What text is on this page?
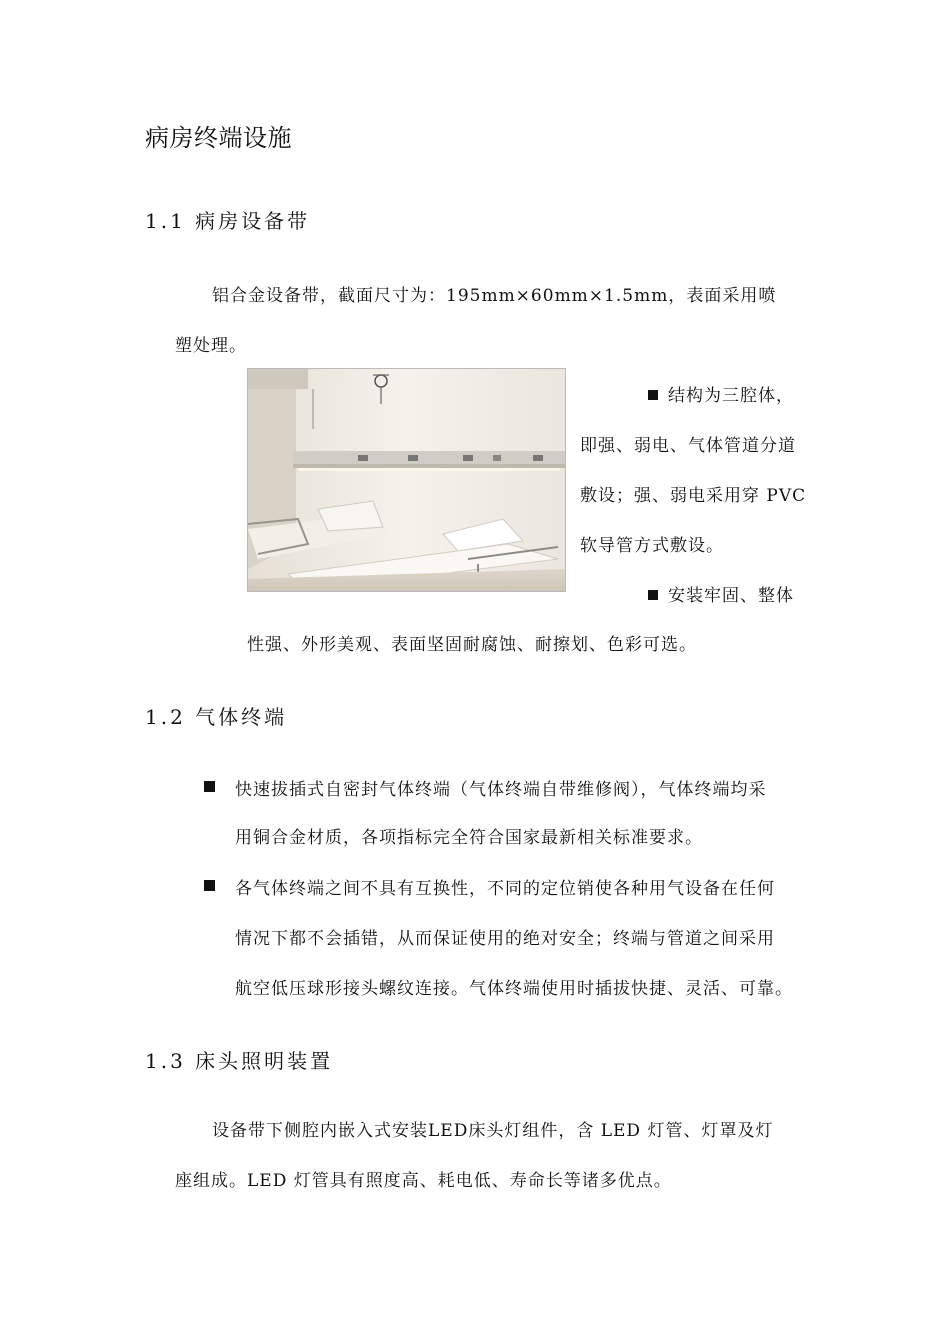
病房终端设施
1.1 病房设备带
铝合金设备带，截面尺寸为：195mm×60mm×1.5mm，表面采用喷
塑处理。
结构为三腔体，
即强、弱电、气体管道分道
敷设；强、弱电采用穿 PVC
软导管方式敷设。
安装牢固、整体
性强、外形美观、表面坚固耐腐蚀、耐擦划、色彩可选。
1.2 气体终端
快速拔插式自密封气体终端（气体终端自带维修阀），气体终端均采
用铜合金材质，各项指标完全符合国家最新相关标准要求。
各气体终端之间不具有互换性，不同的定位销使各种用气设备在任何
情况下都不会插错，从而保证使用的绝对安全；终端与管道之间采用
航空低压球形接头螺纹连接。气体终端使用时插拔快捷、灵活、可靠。
1.3 床头照明装置
设备带下侧腔内嵌入式安装LED床头灯组件，含 LED 灯管、灯罩及灯
座组成。LED 灯管具有照度高、耗电低、寿命长等诸多优点。
